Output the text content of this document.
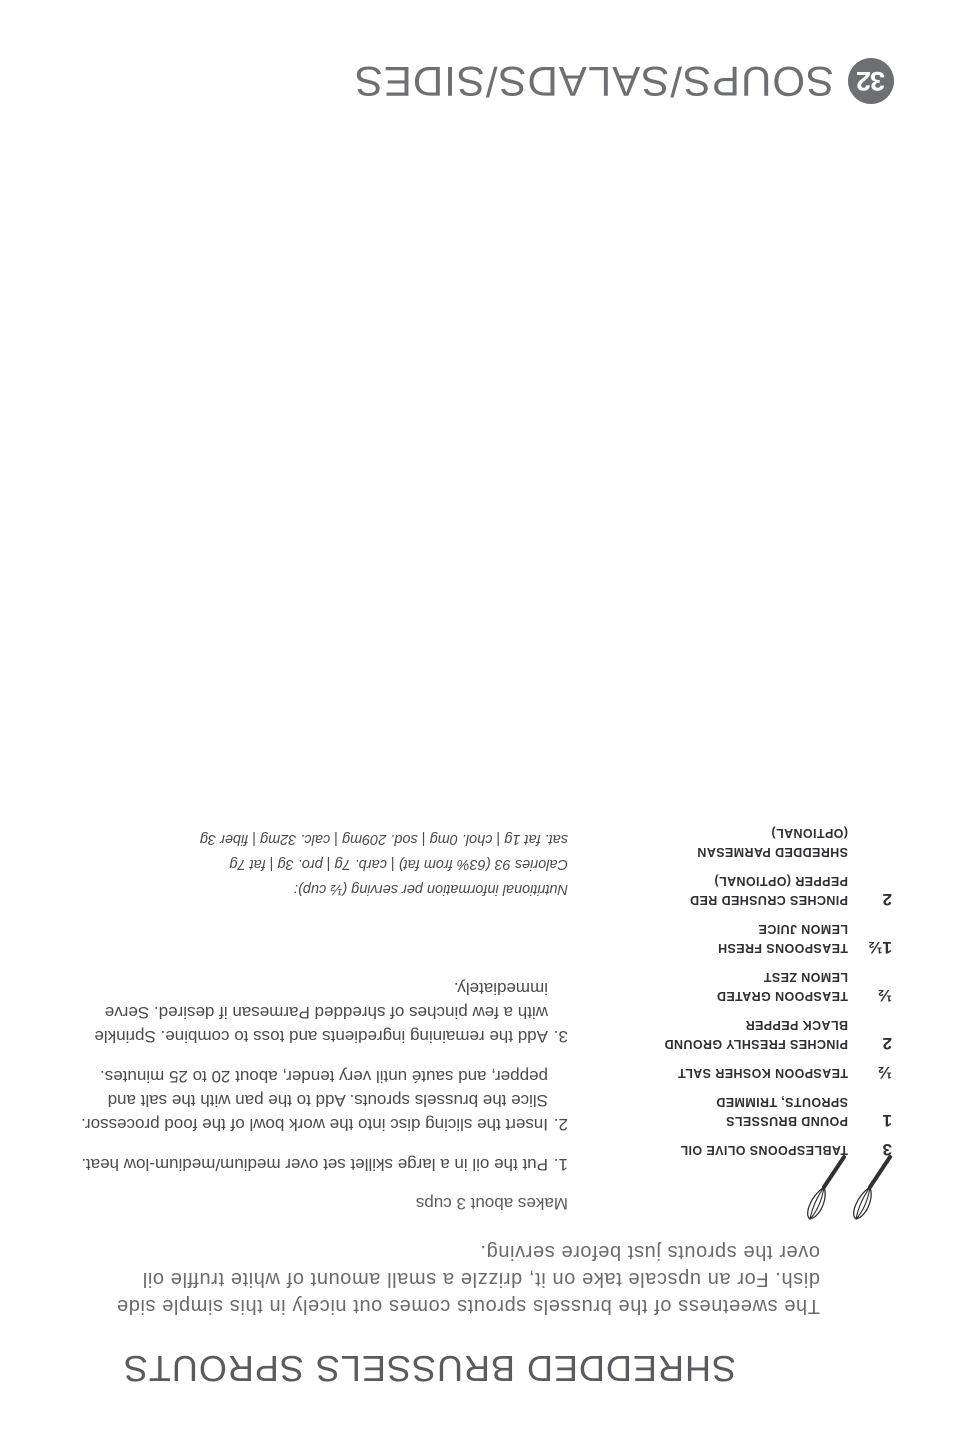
32
SOUPS/SALADS/SIDES
SHREDDED BRUSSELS SPROUTS
The sweetness of the brussels sprouts comes out nicely in this simple side dish. For an upscale take on it, drizzle a small amount of white truffle oil over the sprouts just before serving.
Makes about 3 cups
3
TABLESPOONS OLIVE OIL
1
POUND BRUSSELS
SPROUTS, TRIMMED
½
TEASPOON KOSHER SALT
2
PINCHES FRESHLY GROUND
BLACK PEPPER
½
TEASPOON GRATED
LEMON ZEST
1½
TEASPOONS FRESH
LEMON JUICE
2
PINCHES CRUSHED RED
PEPPER (OPTIONAL)
SHREDDED PARMESAN
(OPTIONAL)
1.
Put the oil in a large skillet set over medium/medium-low heat.
2.
Insert the slicing disc into the work bowl of the food processor. Slice the brussels sprouts. Add to the pan with the salt and pepper, and sauté until very tender, about 20 to 25 minutes.
3.
Add the remaining ingredients and toss to combine. Sprinkle with a few pinches of shredded Parmesan if desired. Serve immediately.
Nutritional information per serving (½ cup):
Calories 93 (63% from fat) | carb. 7g | pro. 3g | fat 7g
sat. fat 1g | chol. 0mg | sod. 209mg | calc. 32mg | fiber 3g
